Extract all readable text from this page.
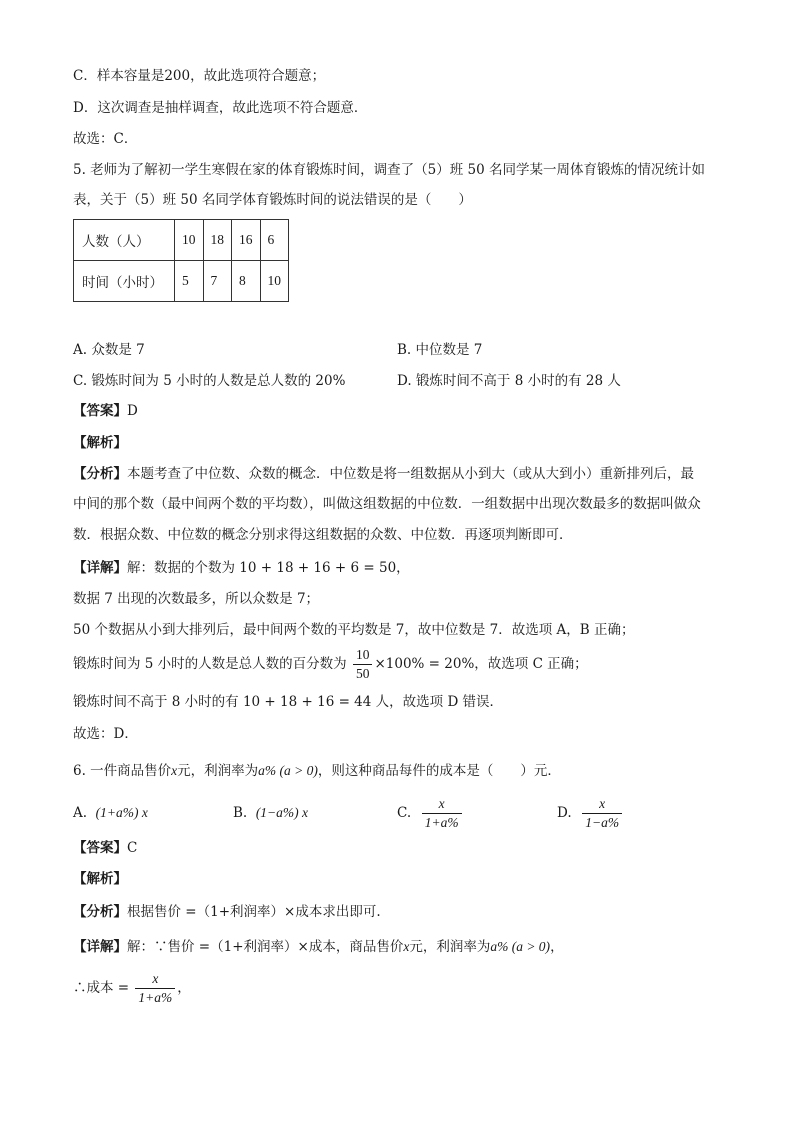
C．样本容量是200，故此选项符合题意；
D．这次调查是抽样调查，故此选项不符合题意．
故选：C．
5. 老师为了解初一学生寒假在家的体育锻炼时间，调查了（5）班 50 名同学某一周体育锻炼的情况统计如
表，关于（5）班 50 名同学体育锻炼时间的说法错误的是（　　）
人数（人）	10	18	16	6
时间（小时）	5	7	8	10
A. 众数是 7	B. 中位数是 7
C. 锻炼时间为 5 小时的人数是总人数的 20%	D. 锻炼时间不高于 8 小时的有 28 人
【答案】D
【解析】
【分析】本题考查了中位数、众数的概念．中位数是将一组数据从小到大（或从大到小）重新排列后，最
中间的那个数（最中间两个数的平均数），叫做这组数据的中位数．一组数据中出现次数最多的数据叫做众
数．根据众数、中位数的概念分别求得这组数据的众数、中位数．再逐项判断即可．
【详解】解：数据的个数为 10 + 18 + 16 + 6 = 50，
数据 7 出现的次数最多，所以众数是 7；
50 个数据从小到大排列后，最中间两个数的平均数是 7，故中位数是 7．故选项 A，B 正确；
锻炼时间为 5 小时的人数是总人数的百分数为 $\frac{10}{50} \times 100\% = 20\%$，故选项 C 正确；
锻炼时间不高于 8 小时的有 10 + 18 + 16 = 44 人，故选项 D 错误．
故选：D．
6. 一件商品售价x元，利润率为a% (a > 0)，则这种商品每件的成本是（　　）元．
A. (1+a%) x	B. (1−a%) x	C. $\frac{x}{1+a\%}$	D. $\frac{x}{1-a\%}$
【答案】C
【解析】
【分析】根据售价 =（1+利润率）×成本求出即可.
【详解】解：∵售价 =（1+利润率）×成本，商品售价x元，利润率为a% (a > 0)，
∴成本 = $\frac{x}{1+a\%}$ ，
